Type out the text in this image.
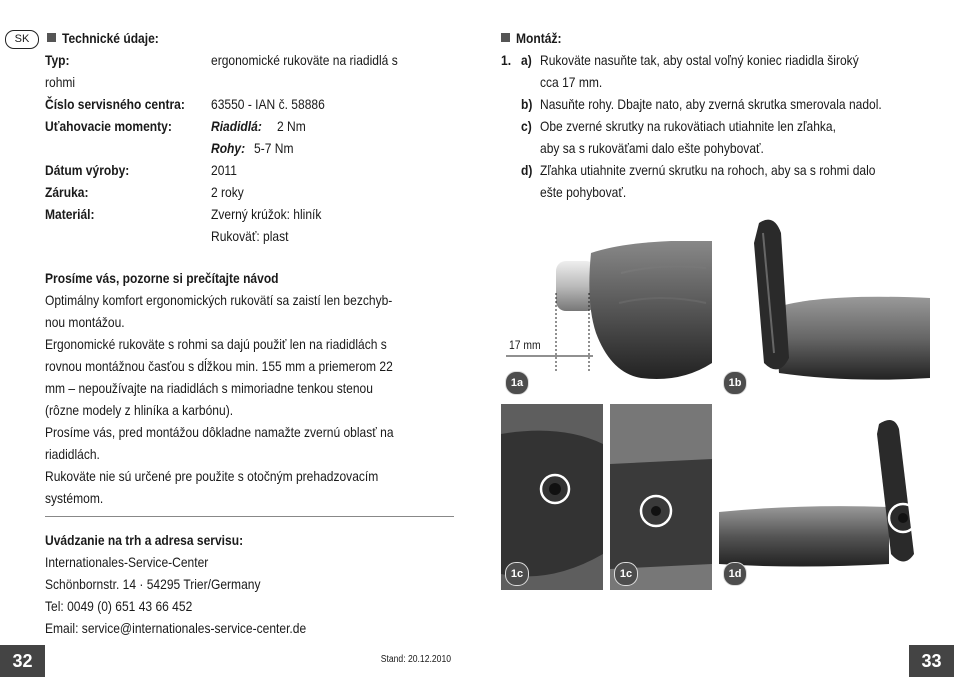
SK	Technické údaje:
Typ:	ergonomické rukoväte na riadidlá s
rohmi
Číslo servisného centra: 63550 - IAN č. 58886
Uťahovacie momenty:	Riadidlá: 2 Nm
Rohy: 5-7 Nm
Dátum výroby:	2011
Záruka:	2 roky
Materiál:	Zverný krúžok: hliník
Rukoväť: plast
Prosíme vás, pozorne si prečítajte návod
Optimálny komfort ergonomických rukovätí sa zaistí len bezchyb-
nou montážou.
Ergonomické rukoväte s rohmi sa dajú použiť len na riadidlách s
rovnou montážnou časťou s dĺžkou min. 155 mm a priemerom 22
mm – nepoužívajte na riadidlách s mimoriadne tenkou stenou
(rôzne modely z hliníka a karbónu).
Prosíme vás, pred montážou dôkladne namažte zvernú oblasť na
riadidlách.
Rukoväte nie sú určené pre použite s otočným prehadzovacím
systémom.
Uvádzanie na trh a adresa servisu:
Internationales-Service-Center
Schönbornstr. 14 · 54295 Trier/Germany
Tel: 0049 (0) 651 43 66 452
Email: service@internationales-service-center.de
32	Stand: 20.12.2010
Montáž:
1. a) Rukoväte nasuňte tak, aby ostal voľný koniec riadidla široký
cca 17 mm.
b) Nasuňte rohy. Dbajte nato, aby zverná skrutka smerovala nadol.
c) Obe zverné skrutky na rukovätiach utiahnite len zľahka,
aby sa s rukoväťami dalo ešte pohybovať.
d) Zľahka utiahnite zvernú skrutku na rohoch, aby sa s rohmi dalo
ešte pohybovať.
17 mm
1a	1b
1c	1c	1d
33
